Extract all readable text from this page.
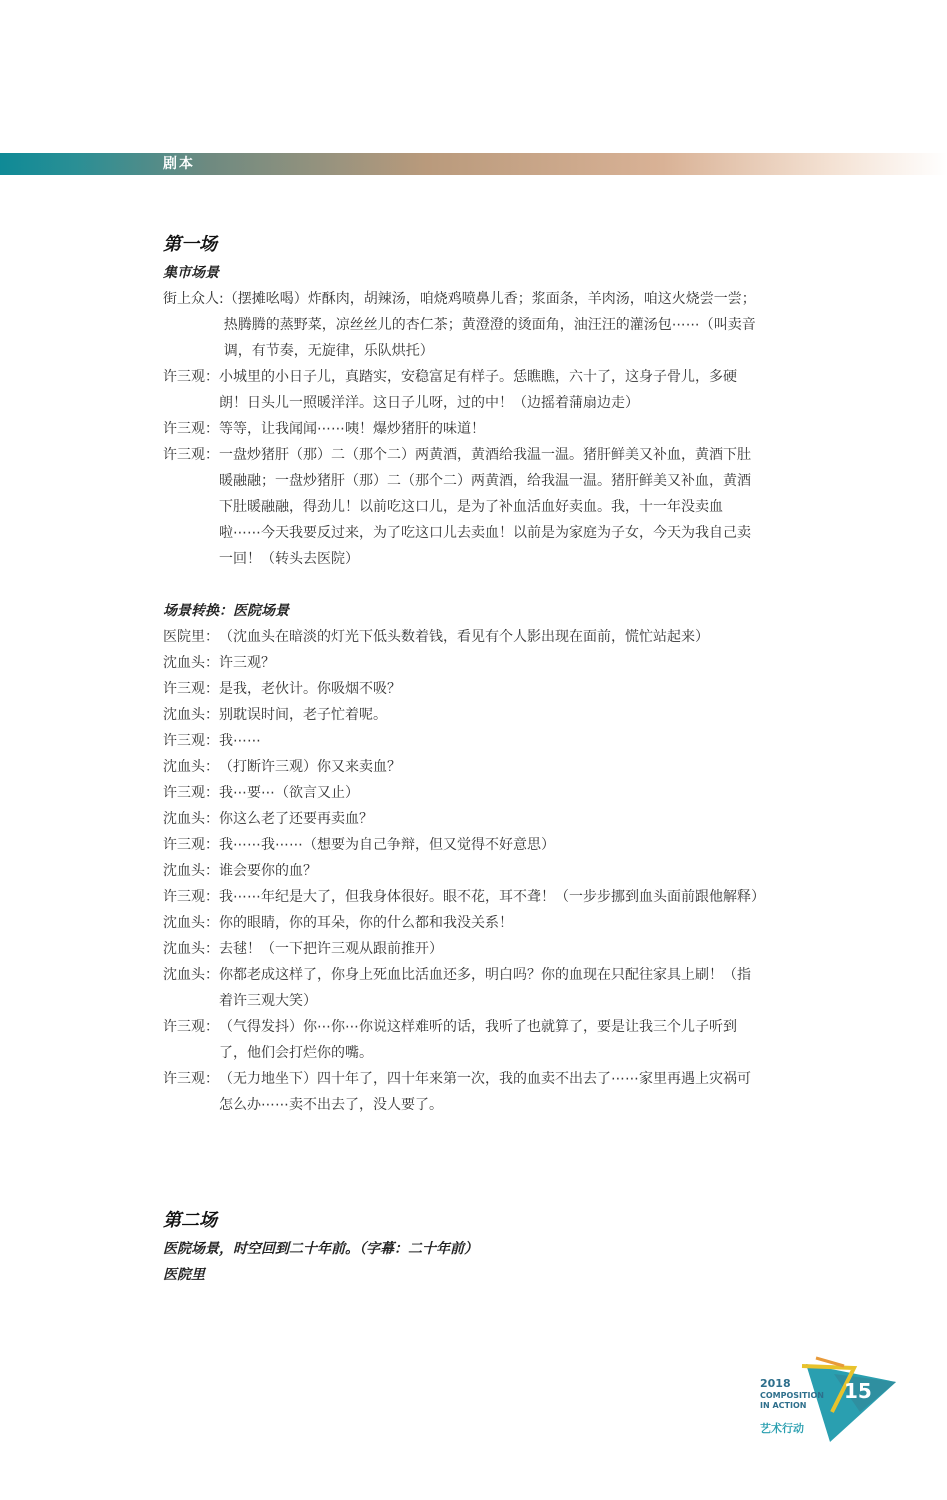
剧本
第一场
集市场景
街上众人: （摆摊吆喝）炸酥肉，胡辣汤，咱烧鸡喷鼻儿香；浆面条，羊肉汤，咱这火烧尝一尝；热腾腾的蒸野菜，凉丝丝儿的杏仁茶；黄澄澄的烫面角，油汪汪的灌汤包⋯⋯（叫卖音调，有节奏，无旋律，乐队烘托）
许三观： 小城里的小日子儿，真踏实，安稳富足有样子。恁瞧瞧，六十了，这身子骨儿，多硬朗！日头儿一照暖洋洋。这日子儿呀，过的中！（边摇着蒲扇边走）
许三观： 等等，让我闻闻⋯⋯咦！爆炒猪肝的味道！
许三观： 一盘炒猪肝（那）二（那个二）两黄酒，黄酒给我温一温。猪肝鲜美又补血，黄酒下肚暖融融；一盘炒猪肝（那）二（那个二）两黄酒，给我温一温。猪肝鲜美又补血，黄酒下肚暖融融，得劲儿！以前吃这口儿，是为了补血活血好卖血。我，十一年没卖血啦⋯⋯今天我要反过来，为了吃这口儿去卖血！以前是为家庭为子女，今天为我自己卖一回！（转头去医院）
场景转换：医院场景
医院里： （沈血头在暗淡的灯光下低头数着钱，看见有个人影出现在面前，慌忙站起来）
沈血头： 许三观？
许三观： 是我，老伙计。你吸烟不吸？
沈血头： 别耽误时间，老子忙着呢。
许三观： 我⋯⋯
沈血头： （打断许三观）你又来卖血？
许三观： 我⋯要⋯（欲言又止）
沈血头： 你这么老了还要再卖血？
许三观： 我⋯⋯我⋯⋯（想要为自己争辩，但又觉得不好意思）
沈血头： 谁会要你的血？
许三观： 我⋯⋯年纪是大了，但我身体很好。眼不花，耳不聋！（一步步挪到血头面前跟他解释）
沈血头： 你的眼睛，你的耳朵，你的什么都和我没关系！
沈血头： 去毬！（一下把许三观从跟前推开）
沈血头： 你都老成这样了，你身上死血比活血还多，明白吗？你的血现在只配往家具上刷！（指着许三观大笑）
许三观： （气得发抖）你⋯你⋯你说这样难听的话，我听了也就算了，要是让我三个儿子听到了，他们会打烂你的嘴。
许三观： （无力地坐下）四十年了，四十年来第一次，我的血卖不出去了⋯⋯家里再遇上灾祸可怎么办⋯⋯卖不出去了，没人要了。
第二场
医院场景，时空回到二十年前。（字幕：二十年前）
医院里
2018
COMPOSITION
IN ACTION
艺术行动
15
